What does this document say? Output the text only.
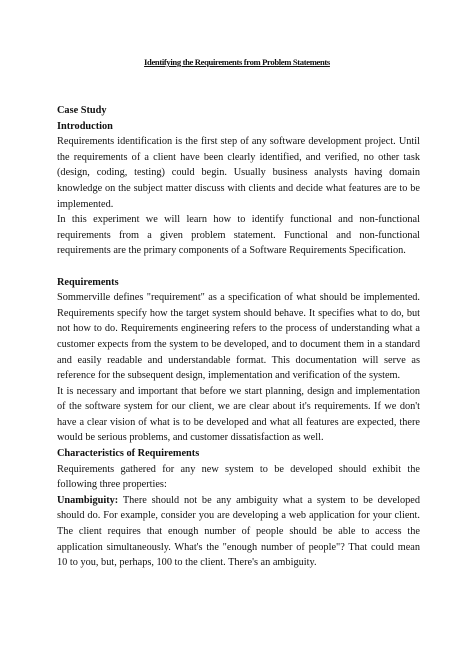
Identifying the Requirements from Problem Statements

Case Study

Introduction

Requirements identification is the first step of any software development project. Until the requirements of a client have been clearly identified, and verified, no other task (design, coding, testing) could begin. Usually business analysts having domain knowledge on the subject matter discuss with clients and decide what features are to be implemented.

In this experiment we will learn how to identify functional and non-functional requirements from a given problem statement. Functional and non-functional requirements are the primary components of a Software Requirements Specification.

Requirements

Sommerville defines "requirement" as a specification of what should be implemented. Requirements specify how the target system should behave. It specifies what to do, but not how to do. Requirements engineering refers to the process of understanding what a customer expects from the system to be developed, and to document them in a standard and easily readable and understandable format. This documentation will serve as reference for the subsequent design, implementation and verification of the system.

It is necessary and important that before we start planning, design and implementation of the software system for our client, we are clear about it's requirements. If we don't have a clear vision of what is to be developed and what all features are expected, there would be serious problems, and customer dissatisfaction as well.

Characteristics of Requirements

Requirements gathered for any new system to be developed should exhibit the following three properties:

Unambiguity: There should not be any ambiguity what a system to be developed should do. For example, consider you are developing a web application for your client. The client requires that enough number of people should be able to access the application simultaneously. What's the "enough number of people"? That could mean 10 to you, but, perhaps, 100 to the client. There's an ambiguity.
